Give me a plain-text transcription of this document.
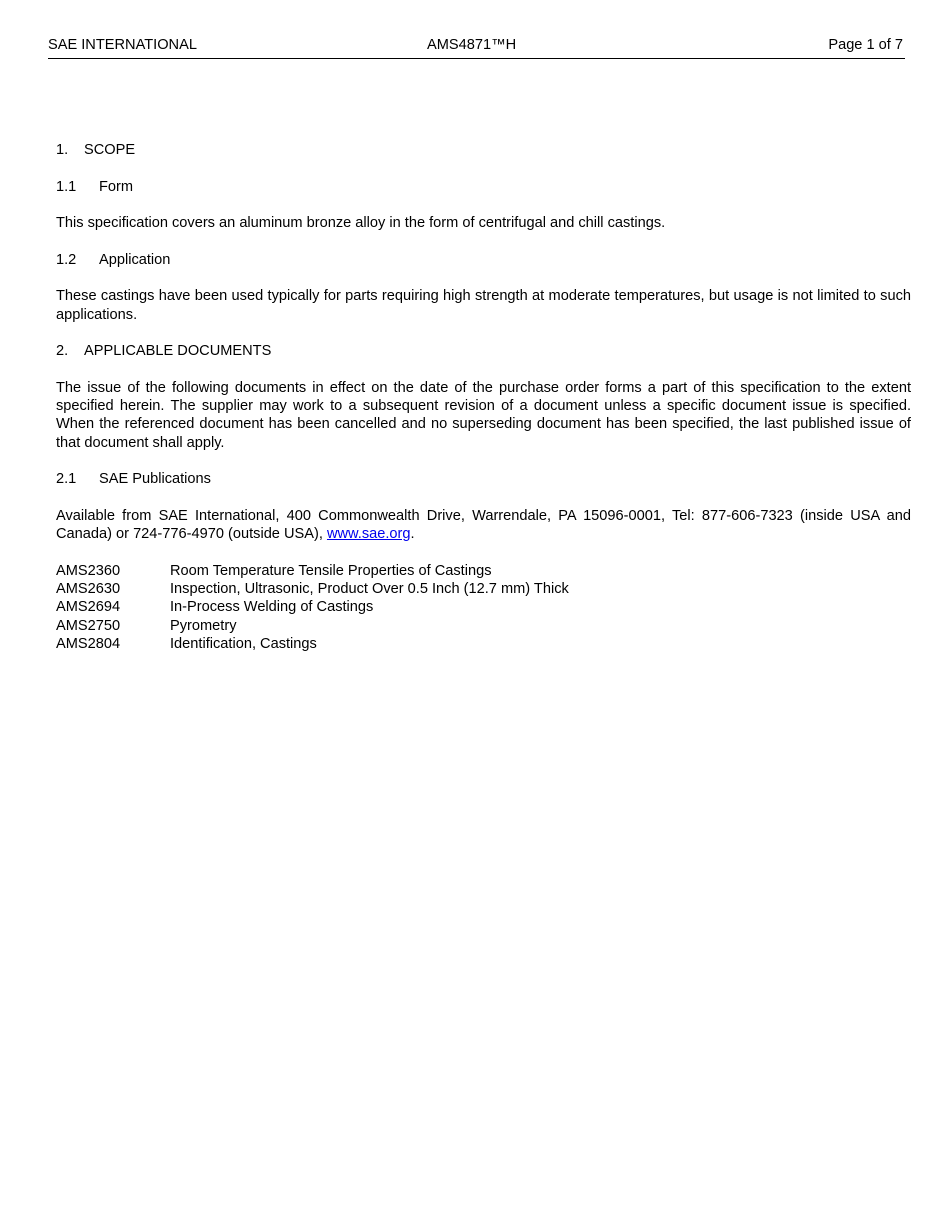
SAE INTERNATIONAL	AMS4871™H	Page 1 of 7
1.	SCOPE
1.1	Form

This specification covers an aluminum bronze alloy in the form of centrifugal and chill castings.

1.2	Application

These castings have been used typically for parts requiring high strength at moderate temperatures, but usage is not limited to such applications.

2.	APPLICABLE DOCUMENTS

The issue of the following documents in effect on the date of the purchase order forms a part of this specification to the extent specified herein. The supplier may work to a subsequent revision of a document unless a specific document issue is specified. When the referenced document has been cancelled and no superseding document has been specified, the last published issue of that document shall apply.

2.1	SAE Publications

Available from SAE International, 400 Commonwealth Drive, Warrendale, PA 15096-0001, Tel: 877-606-7323 (inside USA and Canada) or 724-776-4970 (outside USA), www.sae.org.

AMS2360	Room Temperature Tensile Properties of Castings
AMS2630	Inspection, Ultrasonic, Product Over 0.5 Inch (12.7 mm) Thick
AMS2694	In-Process Welding of Castings
AMS2750	Pyrometry
AMS2804	Identification, Castings
